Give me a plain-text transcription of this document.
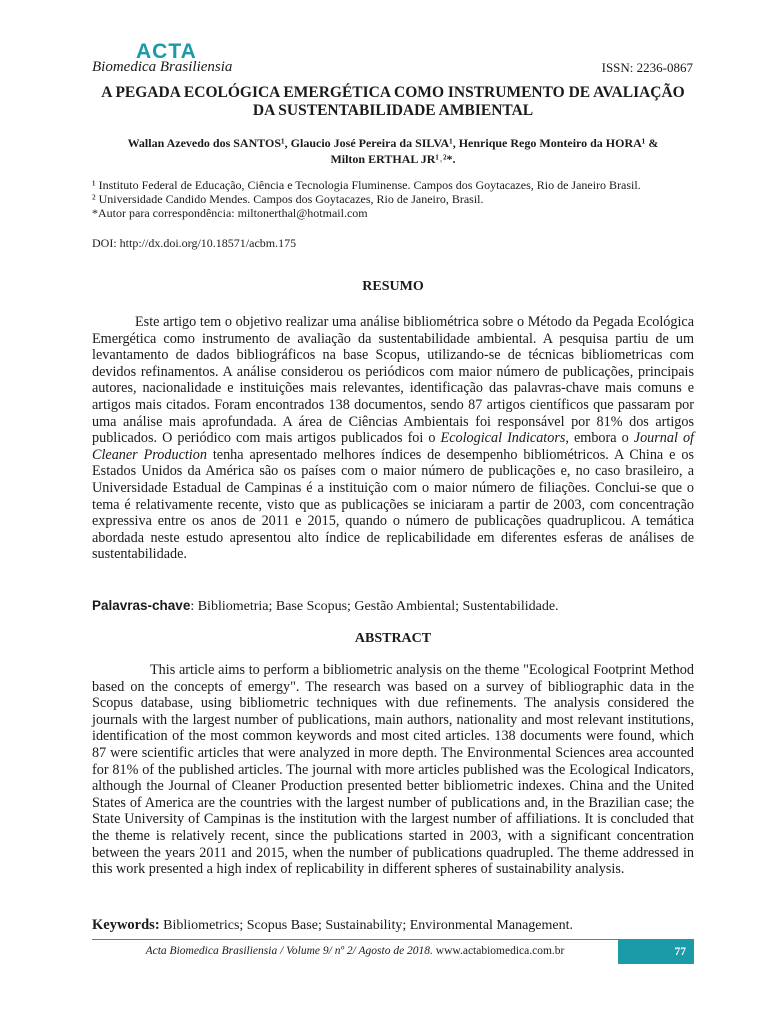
ACTA
Biomedica Brasiliensia	ISSN: 2236-0867
A PEGADA ECOLÓGICA EMERGÉTICA COMO INSTRUMENTO DE AVALIAÇÃO
DA SUSTENTABILIDADE AMBIENTAL
Wallan Azevedo dos SANTOS¹, Glaucio José Pereira da SILVA¹, Henrique Rego Monteiro da HORA¹ &
Milton ERTHAL JR¹˒²*.
¹ Instituto Federal de Educação, Ciência e Tecnologia Fluminense. Campos dos Goytacazes, Rio de Janeiro Brasil.
² Universidade Candido Mendes. Campos dos Goytacazes, Rio de Janeiro, Brasil.
*Autor para correspondência: miltonerthal@hotmail.com
DOI: http://dx.doi.org/10.18571/acbm.175
RESUMO

Este artigo tem o objetivo realizar uma análise bibliométrica sobre o Método da Pegada Ecológica Emergética como instrumento de avaliação da sustentabilidade ambiental. A pesquisa partiu de um levantamento de dados bibliográficos na base Scopus, utilizando-se de técnicas bibliometricas com devidos refinamentos. A análise considerou os periódicos com maior número de publicações, principais autores, nacionalidade e instituições mais relevantes, identificação das palavras-chave mais comuns e artigos mais citados. Foram encontrados 138 documentos, sendo 87 artigos científicos que passaram por uma análise mais aprofundada. A área de Ciências Ambientais foi responsável por 81% dos artigos publicados. O periódico com mais artigos publicados foi o Ecological Indicators, embora o Journal of Cleaner Production tenha apresentado melhores índices de desempenho bibliométricos. A China e os Estados Unidos da América são os países com o maior número de publicações e, no caso brasileiro, a Universidade Estadual de Campinas é a instituição com o maior número de filiações. Conclui-se que o tema é relativamente recente, visto que as publicações se iniciaram a partir de 2003, com concentração expressiva entre os anos de 2011 e 2015, quando o número de publicações quadruplicou. A temática abordada neste estudo apresentou alto índice de replicabilidade em diferentes esferas de análises de sustentabilidade.

Palavras-chave: Bibliometria; Base Scopus; Gestão Ambiental; Sustentabilidade.
ABSTRACT

This article aims to perform a bibliometric analysis on the theme "Ecological Footprint Method based on the concepts of emergy". The research was based on a survey of bibliographic data in the Scopus database, using bibliometric techniques with due refinements. The analysis considered the journals with the largest number of publications, main authors, nationality and most relevant institutions, identification of the most common keywords and most cited articles. 138 documents were found, which 87 were scientific articles that were analyzed in more depth. The Environmental Sciences area accounted for 81% of the published articles. The journal with more articles published was the Ecological Indicators, although the Journal of Cleaner Production presented better bibliometric indexes. China and the United States of America are the countries with the largest number of publications and, in the Brazilian case; the State University of Campinas is the institution with the largest number of affiliations. It is concluded that the theme is relatively recent, since the publications started in 2003, with a significant concentration between the years 2011 and 2015, when the number of publications quadrupled. The theme addressed in this work presented a high index of replicability in different spheres of sustainability analysis.

Keywords: Bibliometrics; Scopus Base; Sustainability; Environmental Management.
Acta Biomedica Brasiliensia / Volume 9/ nº 2/ Agosto de 2018. www.actabiomedica.com.br	77
